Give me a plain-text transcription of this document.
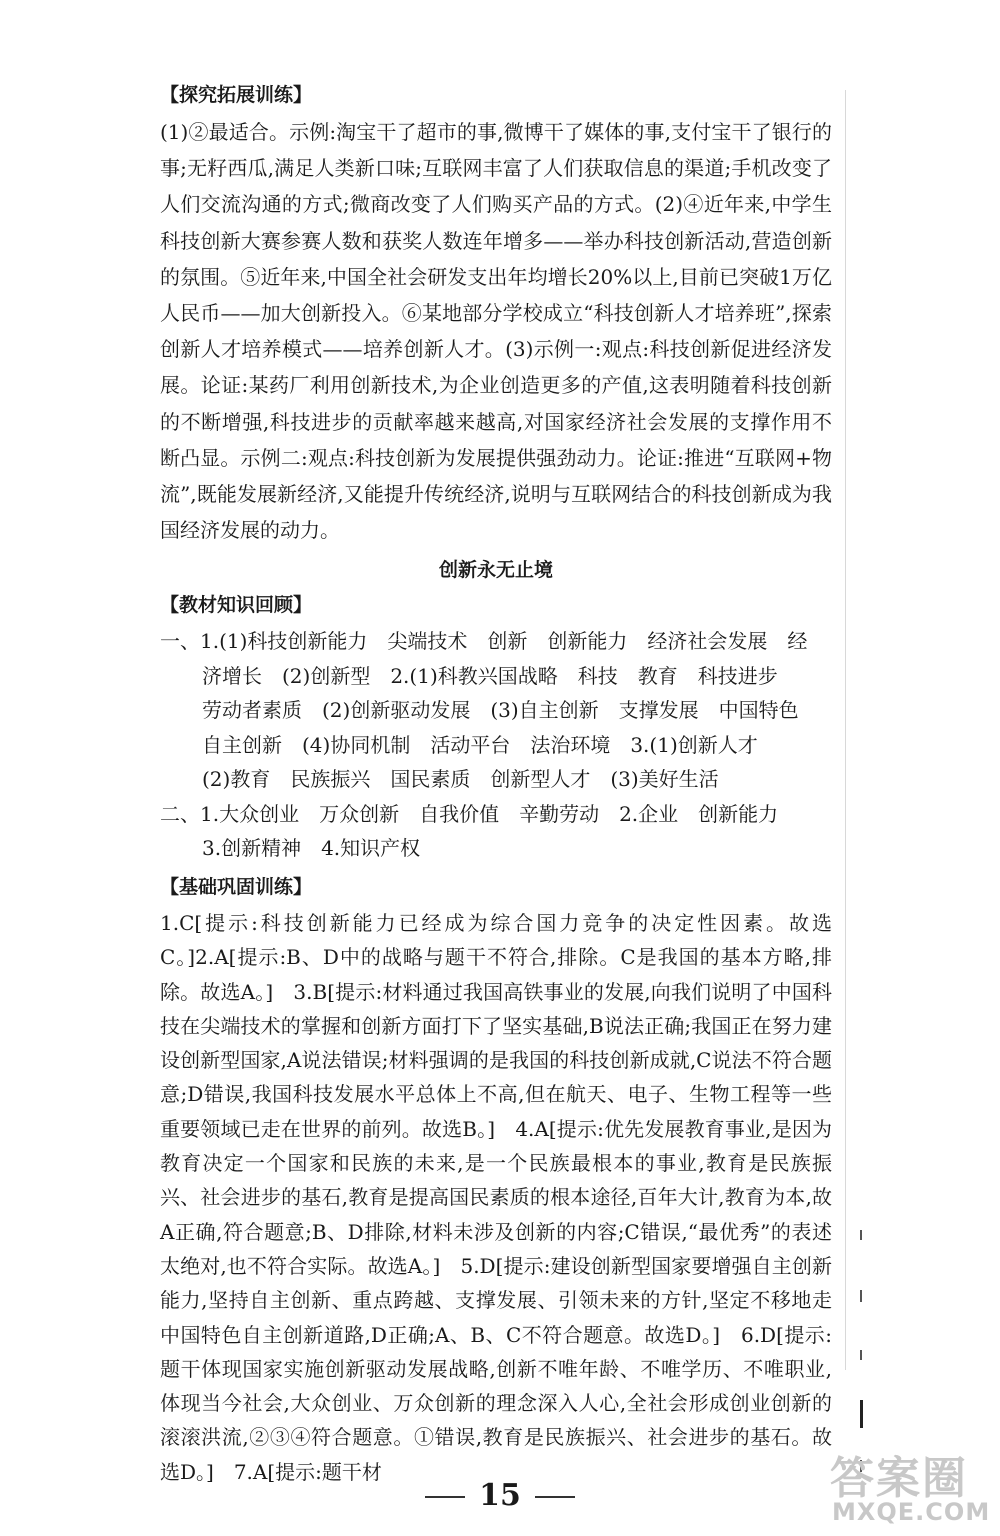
【探究拓展训练】

(1)②最适合。示例:淘宝干了超市的事,微博干了媒体的事,支付宝干了银行的事;无籽西瓜,满足人类新口味;互联网丰富了人们获取信息的渠道;手机改变了人们交流沟通的方式;微商改变了人们购买产品的方式。(2)④近年来,中学生科技创新大赛参赛人数和获奖人数连年增多——举办科技创新活动,营造创新的氛围。⑤近年来,中国全社会研发支出年均增长20%以上,目前已突破1万亿人民币——加大创新投入。⑥某地部分学校成立“科技创新人才培养班”,探索创新人才培养模式——培养创新人才。(3)示例一:观点:科技创新促进经济发展。论证:某药厂利用创新技术,为企业创造更多的产值,这表明随着科技创新的不断增强,科技进步的贡献率越来越高,对国家经济社会发展的支撑作用不断凸显。示例二:观点:科技创新为发展提供强劲动力。论证:推进“互联网+物流”,既能发展新经济,又能提升传统经济,说明与互联网结合的科技创新成为我国经济发展的动力。

创新永无止境
【教材知识回顾】
一、1.(1)科技创新能力　尖端技术　创新　创新能力　经济社会发展　经
济增长　(2)创新型　2.(1)科教兴国战略　科技　教育　科技进步
劳动者素质　(2)创新驱动发展　(3)自主创新　支撑发展　中国特色
自主创新　(4)协同机制　活动平台　法治环境　3.(1)创新人才
(2)教育　民族振兴　国民素质　创新型人才　(3)美好生活
二、1.大众创业　万众创新　自我价值　辛勤劳动　2.企业　创新能力
3.创新精神　4.知识产权
【基础巩固训练】

1.C[提示:科技创新能力已经成为综合国力竞争的决定性因素。故选C。]2.A[提示:B、D中的战略与题干不符合,排除。C是我国的基本方略,排除。故选A。]　3.B[提示:材料通过我国高铁事业的发展,向我们说明了中国科技在尖端技术的掌握和创新方面打下了坚实基础,B说法正确;我国正在努力建设创新型国家,A说法错误;材料强调的是我国的科技创新成就,C说法不符合题意;D错误,我国科技发展水平总体上不高,但在航天、电子、生物工程等一些重要领域已走在世界的前列。故选B。]　4.A[提示:优先发展教育事业,是因为教育决定一个国家和民族的未来,是一个民族最根本的事业,教育是民族振兴、社会进步的基石,教育是提高国民素质的根本途径,百年大计,教育为本,故A正确,符合题意;B、D排除,材料未涉及创新的内容;C错误,“最优秀”的表述太绝对,也不符合实际。故选A。]　5.D[提示:建设创新型国家要增强自主创新能力,坚持自主创新、重点跨越、支撑发展、引领未来的方针,坚定不移地走中国特色自主创新道路,D正确;A、B、C不符合题意。故选D。]　6.D[提示:题干体现国家实施创新驱动发展战略,创新不唯年龄、不唯学历、不唯职业,体现当今社会,大众创业、万众创新的理念深入人心,全社会形成创业创新的滚滚洪流,②③④符合题意。①错误,教育是民族振兴、社会进步的基石。故选D。]　7.A[提示:题干材

15	答案圈
MXQE.COM
